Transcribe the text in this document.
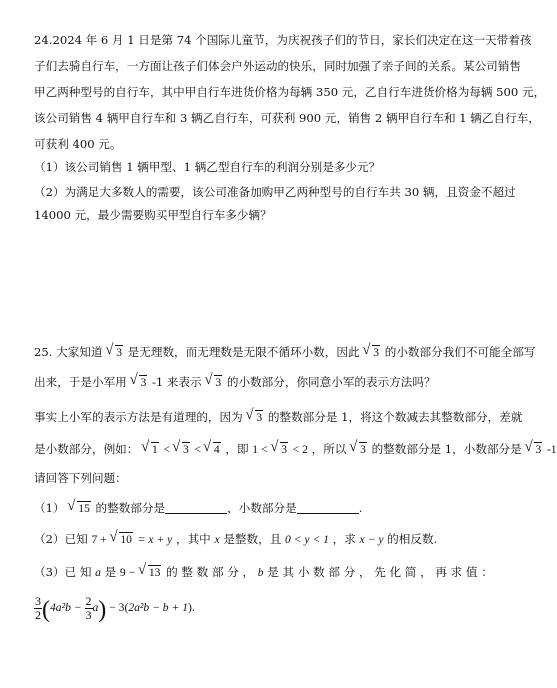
24.2024 年 6 月 1 日是第 74 个国际儿童节，为庆祝孩子们的节日，家长们决定在这一天带着孩
子们去骑自行车，一方面让孩子们体会户外运动的快乐，同时加强了亲子间的关系。某公司销售
甲乙两种型号的自行车，其中甲自行车进货价格为每辆 350 元，乙自行车进货价格为每辆 500 元，
该公司销售 4 辆甲自行车和 3 辆乙自行车，可获利 900 元，销售 2 辆甲自行车和 1 辆乙自行车，
可获利 400 元。
（1）该公司销售 1 辆甲型、1 辆乙型自行车的利润分别是多少元？
（2）为满足大多数人的需要，该公司准备加购甲乙两种型号的自行车共 30 辆，且资金不超过
14000 元，最少需要购买甲型自行车多少辆？
25. 大家知道 √ 3 是无理数，而无理数是无限不循环小数，因此 √ 3 的小数部分我们不可能全部写
出来，于是小军用 √ 3 -1 来表示 √ 3 的小数部分，你同意小军的表示方法吗？
事实上小军的表示方法是有道理的，因为 √ 3 的整数部分是 1，将这个数减去其整数部分，差就
是小数部分，例如： √ 1 < √ 3 < √ 4 ，即 1 < √ 3 < 2 ，所以 √ 3 的整数部分是 1，小数部分是 √ 3 -1
请回答下列问题：
（1） √ 15 的整数部分是	，小数部分是	.
（2）已知 7 + √ 10 = x + y ，其中 x 是整数，且 0 < y < 1 ，求 x − y 的相反数.
（3）已 知 a 是 9 − √ 13 的 整 数 部 分 ， b 是 其 小 数 部 分 ， 先 化 简 ， 再 求 值 ：
$\frac{3}{2} (4a^2b - \frac{2}{3} a) - 3(2a^2b - b + 1)$.
